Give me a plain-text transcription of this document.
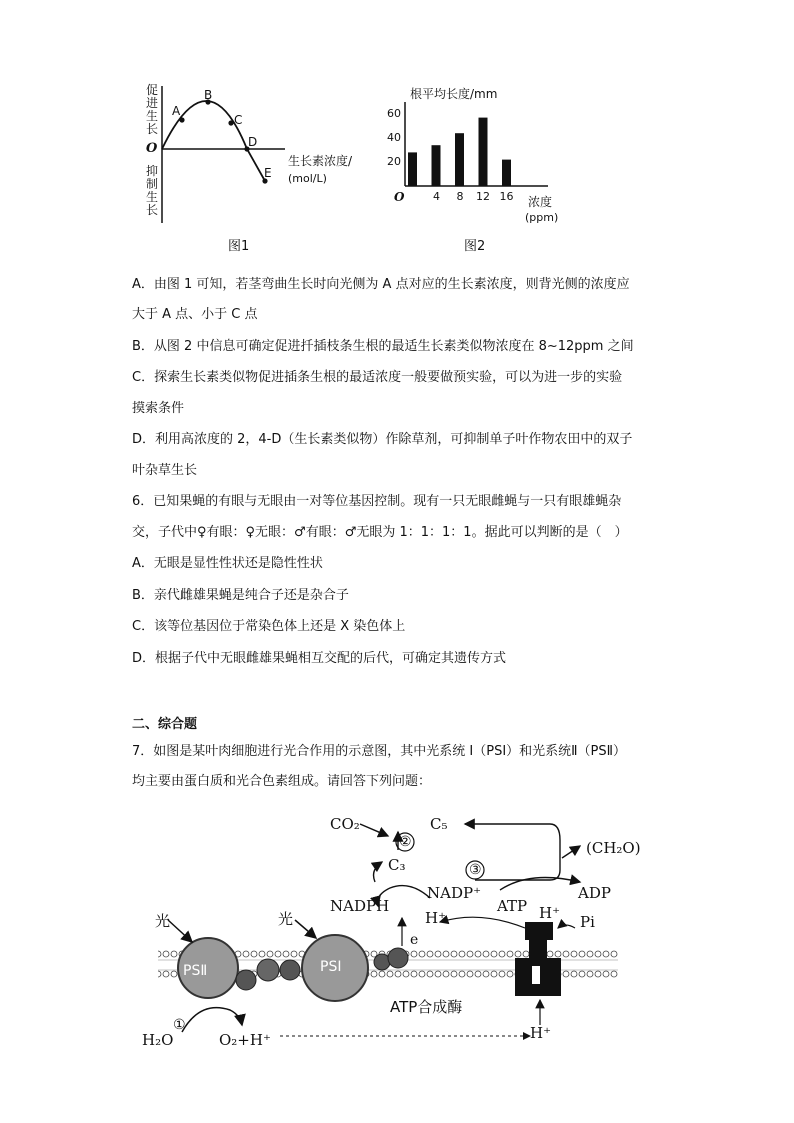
促进生长
O
抑制生长
A
B
C
D
E
生长素浓度/
(mol/L)
图1
根平均长度/mm
20
40
60
O	4 8 12 16 浓度
(ppm)
图2
A．由图 1 可知，若茎弯曲生长时向光侧为 A 点对应的生长素浓度，则背光侧的浓度应
大于 A 点、小于 C 点
B．从图 2 中信息可确定促进扦插枝条生根的最适生长素类似物浓度在 8~12ppm 之间
C．探索生长素类似物促进插条生根的最适浓度一般要做预实验，可以为进一步的实验
摸索条件
D．利用高浓度的 2，4-D（生长素类似物）作除草剂，可抑制单子叶作物农田中的双子
叶杂草生长
6．已知果蝇的有眼与无眼由一对等位基因控制。现有一只无眼雌蝇与一只有眼雄蝇杂
交，子代中♀有眼：♀无眼：♂有眼：♂无眼为 1：1：1：1。据此可以判断的是（　）
A．无眼是显性性状还是隐性性状
B．亲代雌雄果蝇是纯合子还是杂合子
C．该等位基因位于常染色体上还是 X 染色体上
D．根据子代中无眼雌雄果蝇相互交配的后代，可确定其遗传方式
二、综合题
7．如图是某叶肉细胞进行光合作用的示意图，其中光系统 I（PSI）和光系统Ⅱ（PSⅡ）
均主要由蛋白质和光合色素组成。请回答下列问题：
CO₂	C₅
②	(CH₂O)
C₃	③
NADP⁺	ADP
NADPH	ATP H⁺
H⁺	Pi
光	光
e
PSⅡ	PSⅠ
ATP合成酶
①
H₂O	O₂+H⁺	H⁺
